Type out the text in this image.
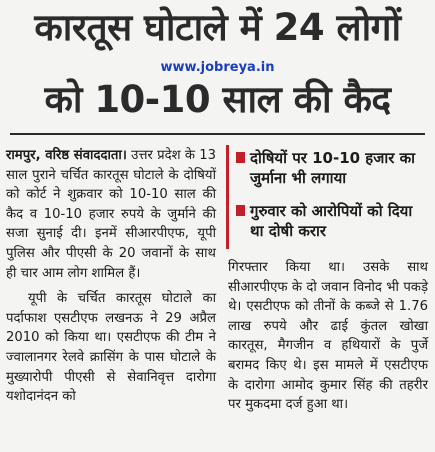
कारतूस घोटाले में 24 लोगों
www.jobreya.in
को 10-10 साल की कैद
रामपुर, वरिष्ठ संवाददाता। उत्तर प्रदेश के 13 साल पुराने चर्चित कारतूस घोटाले के दोषियों को कोर्ट ने शुक्रवार को 10-10 साल की कैद व 10-10 हजार रुपये के जुर्माने की सजा सुनाई दी। इनमें सीआरपीएफ, यूपी पुलिस और पीएसी के 20 जवानों के साथ ही चार आम लोग शामिल हैं।
यूपी के चर्चित कारतूस घोटाले का पर्दाफाश एसटीएफ लखनऊ ने 29 अप्रैल 2010 को किया था। एसटीएफ की टीम ने ज्वालानगर रेलवे क्रासिंग के पास घोटाले के मुख्यारोपी पीएसी से सेवानिवृत्त दारोगा यशोदानंदन को
दोषियों पर 10-10 हजार का जुर्माना भी लगाया
गुरुवार को आरोपियों को दिया था दोषी करार
गिरफ्तार किया था। उसके साथ सीआरपीएफ के दो जवान विनोद भी पकड़े थे। एसटीएफ को तीनों के कब्जे से 1.76 लाख रुपये और ढाई कुंतल खोखा कारतूस, मैगजीन व हथियारों के पुर्जे बरामद किए थे। इस मामले में एसटीएफ के दारोगा आमोद कुमार सिंह की तहरीर पर मुकदमा दर्ज हुआ था।
